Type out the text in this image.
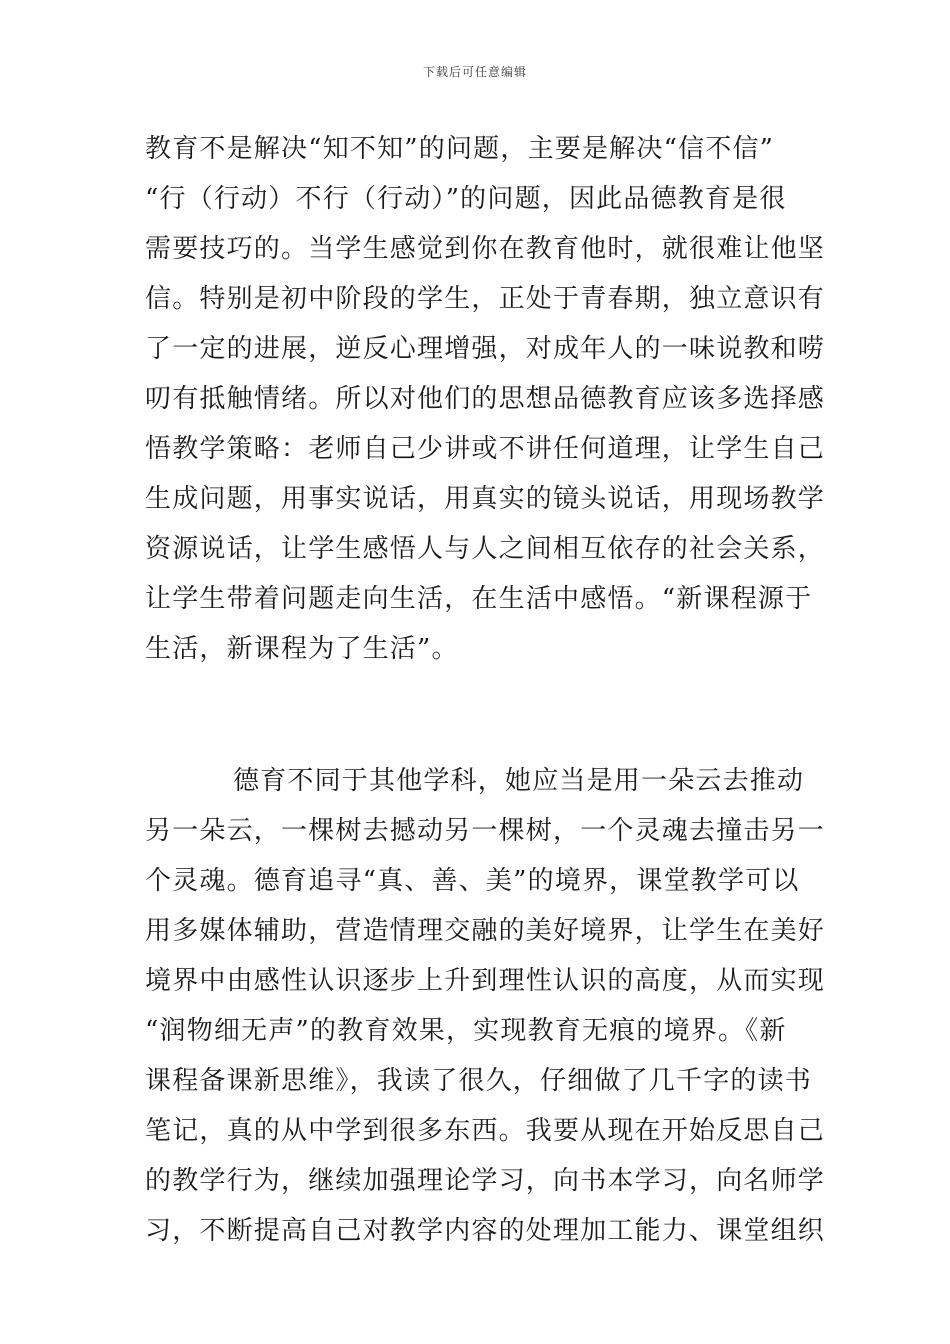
下载后可任意编辑
教育不是解决“知不知”的问题，主要是解决“信不信”
“行（行动）不行（行动）”的问题，因此品德教育是很
需要技巧的。当学生感觉到你在教育他时，就很难让他坚
信。特别是初中阶段的学生，正处于青春期，独立意识有
了一定的进展，逆反心理增强，对成年人的一味说教和唠
叨有抵触情绪。所以对他们的思想品德教育应该多选择感
悟教学策略：老师自己少讲或不讲任何道理，让学生自己
生成问题，用事实说话，用真实的镜头说话，用现场教学
资源说话，让学生感悟人与人之间相互依存的社会关系，
让学生带着问题走向生活，在生活中感悟。“新课程源于
生活，新课程为了生活”。
德育不同于其他学科，她应当是用一朵云去推动
另一朵云，一棵树去撼动另一棵树，一个灵魂去撞击另一
个灵魂。德育追寻“真、善、美”的境界，课堂教学可以
用多媒体辅助，营造情理交融的美好境界，让学生在美好
境界中由感性认识逐步上升到理性认识的高度，从而实现
“润物细无声”的教育效果，实现教育无痕的境界。《新
课程备课新思维》，我读了很久，仔细做了几千字的读书
笔记，真的从中学到很多东西。我要从现在开始反思自己
的教学行为，继续加强理论学习，向书本学习，向名师学
习，不断提高自己对教学内容的处理加工能力、课堂组织
